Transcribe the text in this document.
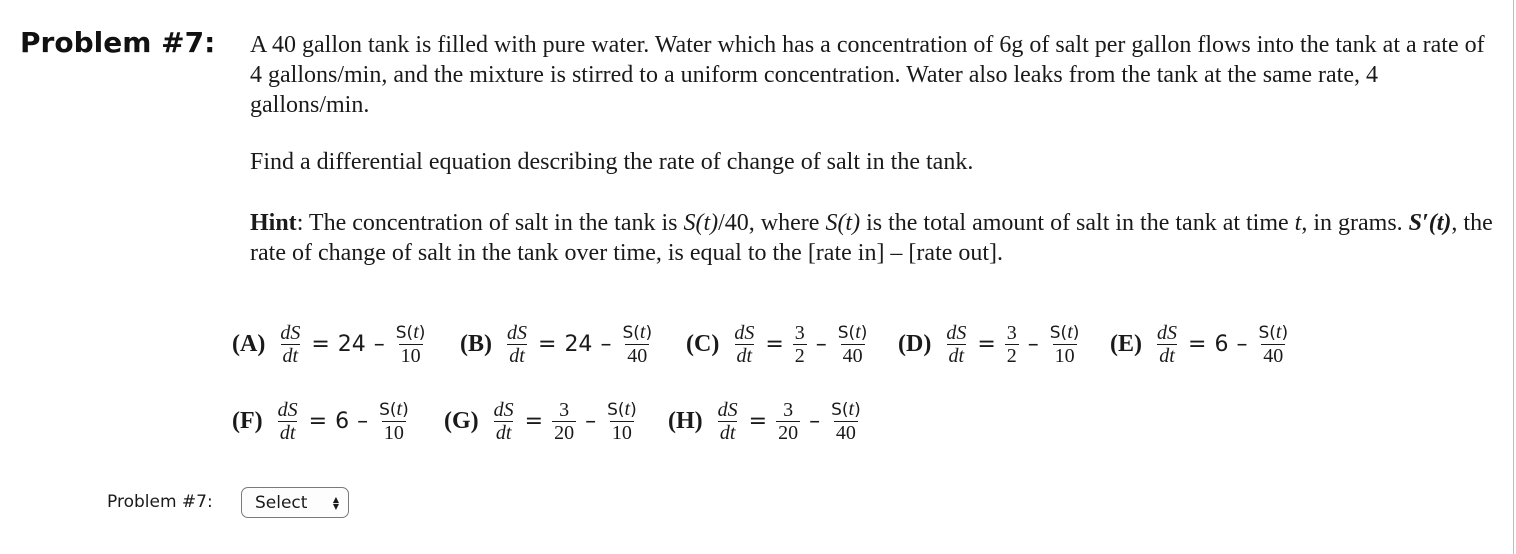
Problem #7: A 40 gallon tank is filled with pure water. Water which has a concentration of 6g of salt per gallon flows into the tank at a rate of 4 gallons/min, and the mixture is stirred to a uniform concentration. Water also leaks from the tank at the same rate, 4 gallons/min.
Find a differential equation describing the rate of change of salt in the tank.
Hint: The concentration of salt in the tank is S(t)/40, where S(t) is the total amount of salt in the tank at time t, in grams. S′(t), the rate of change of salt in the tank over time, is equal to the [rate in] – [rate out].
$(A) \frac{dS}{dt} = 24 - \frac{S(t)}{10} (B) \frac{dS}{dt} = 24 - \frac{S(t)}{40} (C) \frac{dS}{dt} = \frac{3}{2} - \frac{S(t)}{40} (D) \frac{dS}{dt} = \frac{3}{2} - \frac{S(t)}{10} (E) \frac{dS}{dt} = 6 - \frac{S(t)}{40}$
$(F) \frac{dS}{dt} = 6 - \frac{S(t)}{10} (G) \frac{dS}{dt} = \frac{3}{20} - \frac{S(t)}{10} (H) \frac{dS}{dt} = \frac{3}{20} - \frac{S(t)}{40}$
Problem #7: Select	▲
▼
